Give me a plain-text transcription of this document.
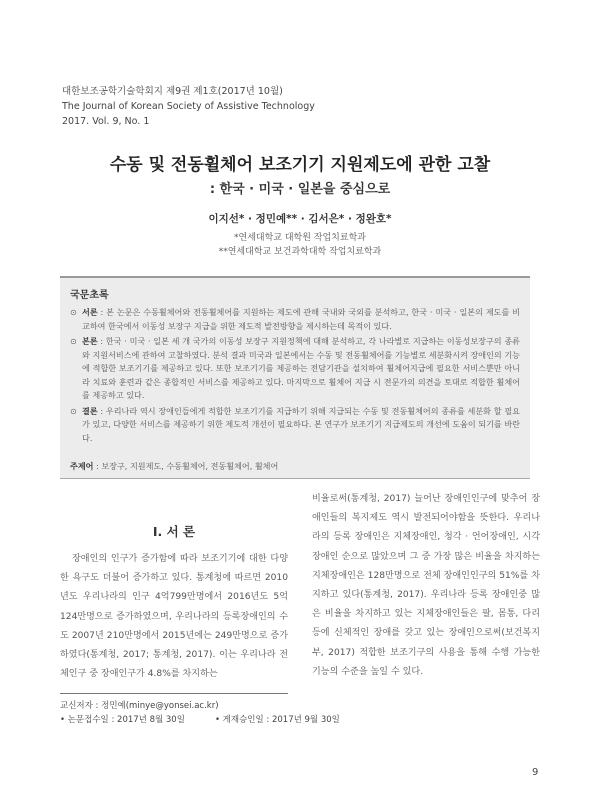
대한보조공학기술학회지 제9권 제1호(2017년 10월)
The Journal of Korean Society of Assistive Technology
2017. Vol. 9, No. 1
수동 및 전동휠체어 보조기기 지원제도에 관한 고찰
: 한국 · 미국 · 일본을 중심으로
이지선* · 정민예** · 김서은* · 정완호*
*연세대학교 대학원 작업치료학과
**연세대학교 보건과학대학 작업치료학과
국문초록
⊙ 서론 : 본 논문은 수동휠체어와 전동휠체어를 지원하는 제도에 관해 국내와 국외를 분석하고, 한국 · 미국 · 일본의 제도를 비교하여 한국에서 이동성 보장구 지급을 위한 제도적 발전방향을 제시하는데 목적이 있다.
⊙ 본론 : 한국 · 미국 · 일본 세 개 국가의 이동성 보장구 지원정책에 대해 분석하고, 각 나라별로 지급하는 이동성보장구의 종류와 지원서비스에 관하여 고찰하였다. 분석 결과 미국과 일본에서는 수동 및 전동휠체어를 기능별로 세분화시켜 장애인의 기능에 적합한 보조기기를 제공하고 있다. 또한 보조기기를 제공하는 전담기관을 설치하여 휠체어지급에 필요한 서비스뿐만 아니라 치료와 훈련과 같은 종합적인 서비스를 제공하고 있다. 마지막으로 휠체어 지급 시 전문가의 의견을 토대로 적합한 휠체어를 제공하고 있다.
⊙ 결론 : 우리나라 역시 장애인들에게 적합한 보조기기를 지급하기 위해 지급되는 수동 및 전동휠체어의 종류를 세분화 할 필요가 있고, 다양한 서비스를 제공하기 위한 제도적 개선이 필요하다. 본 연구가 보조기기 지급제도의 개선에 도움이 되기를 바란다.
주제어 : 보장구, 지원제도, 수동휠체어, 전동휠체어, 휠체어
I. 서 론

장애인의 인구가 증가함에 따라 보조기기에 대한 다양한 욕구도 더불어 증가하고 있다. 통계청에 따르면 2010년도 우리나라의 인구 4억799만명에서 2016년도 5억124만명으로 증가하였으며, 우리나라의 등록장애인의 수도 2007년 210만명에서 2015년에는 249만명으로 증가하였다(통계청, 2017; 통계청, 2017). 이는 우리나라 전체인구 중 장애인구가 4.8%를 차지하는

비율로써(통계청, 2017) 늘어난 장애인인구에 맞추어 장애인들의 복지제도 역시 발전되어야함을 뜻한다. 우리나라의 등록 장애인은 지체장애인, 청각 · 언어장애인, 시각장애인 순으로 많았으며 그 중 가장 많은 비율을 차지하는 지체장애인은 128만명으로 전체 장애인인구의 51%를 차지하고 있다(통계청, 2017). 우리나라 등록 장애인중 많은 비율을 차지하고 있는 지체장애인들은 팔, 몸통, 다리 등에 신체적인 장애를 갖고 있는 장애인으로써(보건복지부, 2017) 적합한 보조기구의 사용을 통해 수행 가능한 기능의 수준을 높일 수 있다.

교신저자 : 정민예(minye@yonsei.ac.kr)
• 논문접수일 : 2017년 8월 30일	• 게재승인일 : 2017년 9월 30일
9
